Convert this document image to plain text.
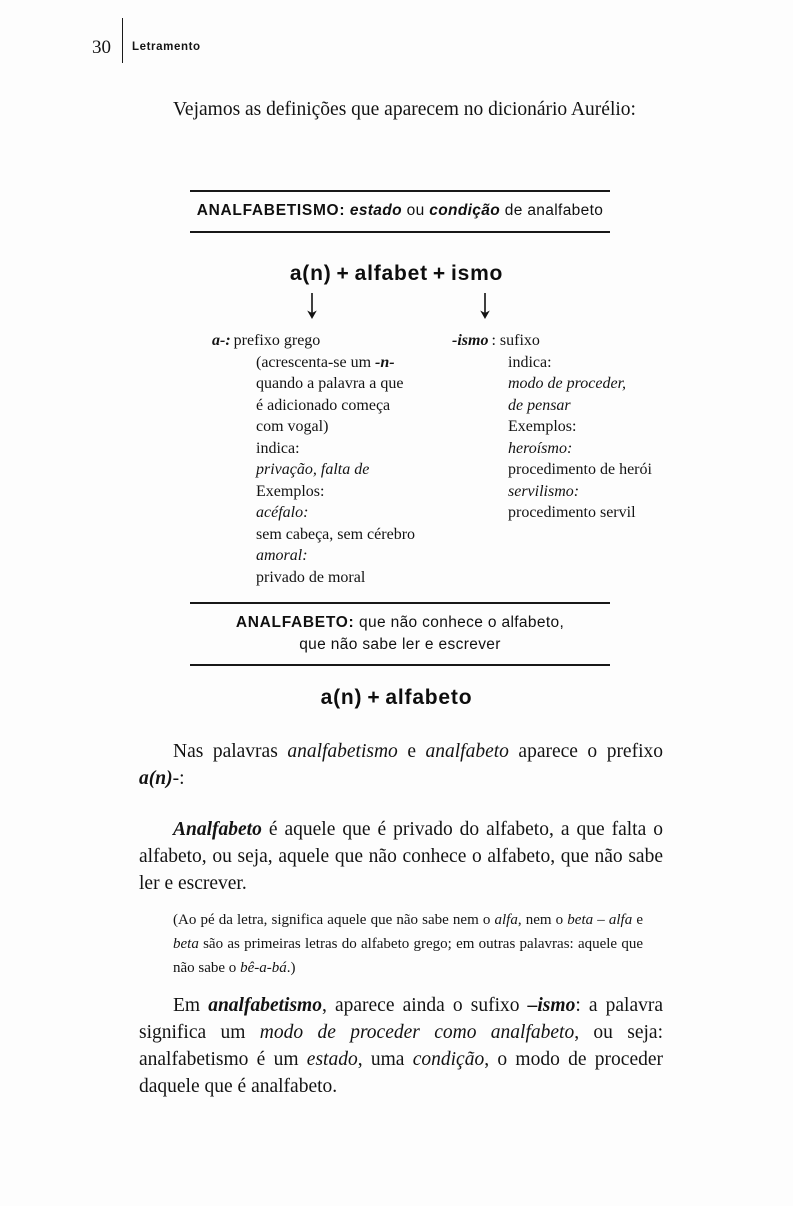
30 Letramento

Vejamos as definições que aparecem no dicionário Aurélio:

ANALFABETISMO: estado ou condição de analfabeto
a(n) + alfabet + ismo
a-: prefixo grego
(acrescenta-se um -n-
quando a palavra a que
é adicionado começa
com vogal)
indica:
privação, falta de
Exemplos:
acéfalo:
sem cabeça, sem cérebro
amoral:
privado de moral
-ismo : sufixo
indica:
modo de proceder,
de pensar
Exemplos:
heroísmo:
procedimento de herói
servilismo:
procedimento servil
ANALFABETO: que não conhece o alfabeto,
que não sabe ler e escrever
a(n) + alfabeto

Nas palavras analfabetismo e analfabeto aparece o prefixo a(n)-:

Analfabeto é aquele que é privado do alfabeto, a que falta o alfabeto, ou seja, aquele que não conhece o alfabeto, que não sabe ler e escrever.

(Ao pé da letra, significa aquele que não sabe nem o alfa, nem o beta – alfa e beta são as primeiras letras do alfabeto grego; em outras palavras: aquele que não sabe o bê-a-bá.)

Em analfabetismo, aparece ainda o sufixo –ismo: a palavra significa um modo de proceder como analfabeto, ou seja: analfabetismo é um estado, uma condição, o modo de proceder daquele que é analfabeto.
